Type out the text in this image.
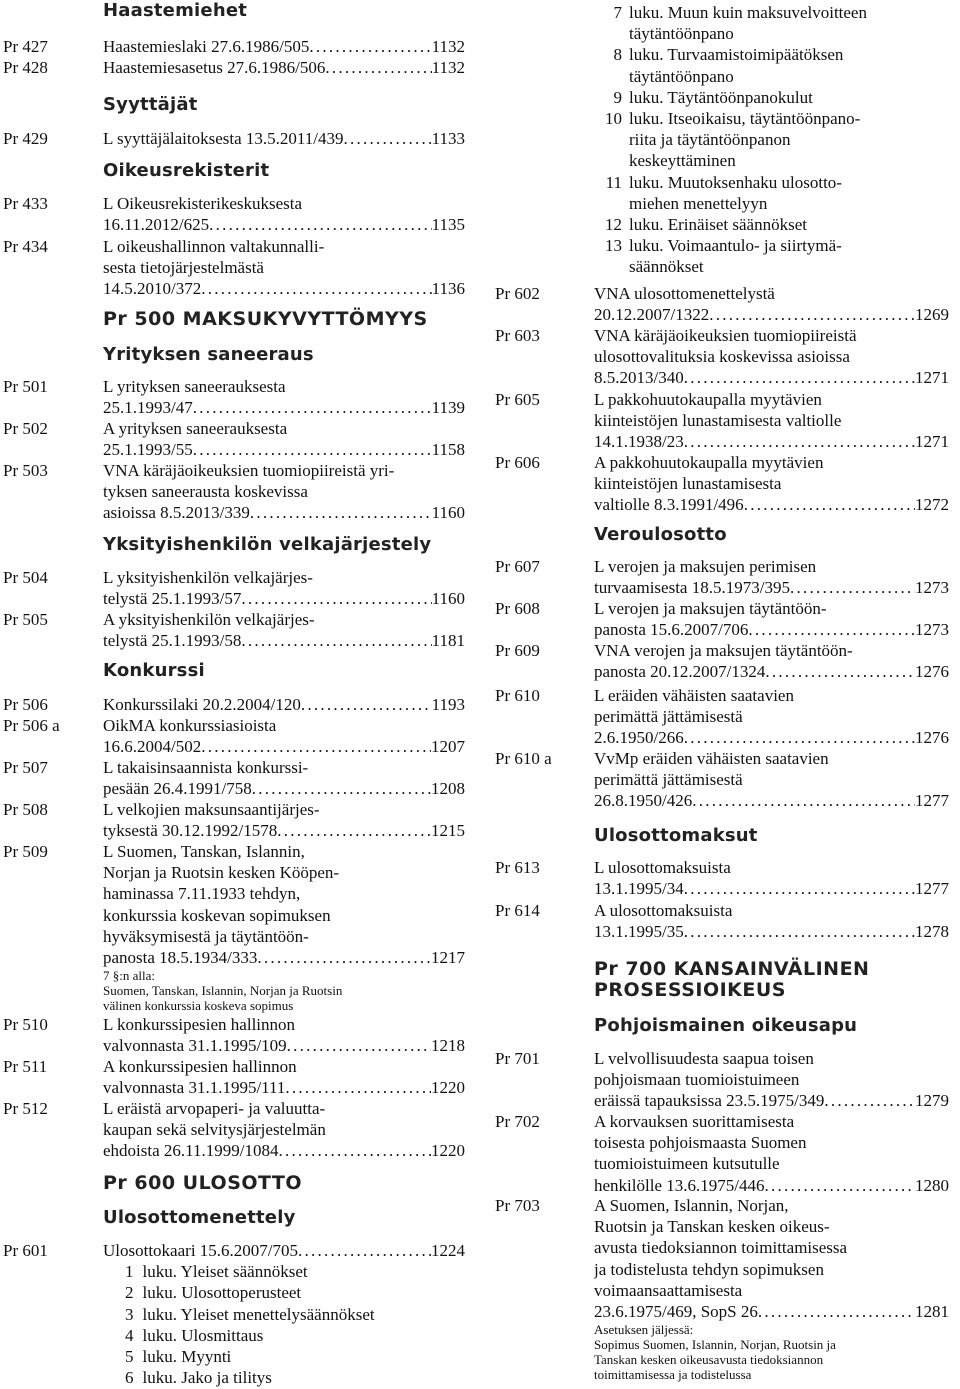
Haastemiehet
Pr 427	Haastemieslaki 27.6.1986/505 . . .	1132
Pr 428	Haastemiesasetus 27.6.1986/506 . . .	1132
Syyttäjät
Pr 429	L syyttäjälaitoksesta 13.5.2011/439 . . .	1133
Oikeusrekisterit
Pr 433	L Oikeusrekisterikeskuksesta
16.11.2012/625 . . .	1135
Pr 434	L oikeushallinnon valtakunnalli-
sesta tietojärjestelmästä
14.5.2010/372 . . .	1136
Pr 500 MAKSUKYVYTTÖMYYS
Yrityksen saneeraus
Pr 501	L yrityksen saneerauksesta
25.1.1993/47 . . .	1139
Pr 502	A yrityksen saneerauksesta
25.1.1993/55 . . .	1158
Pr 503	VNA käräjäoikeuksien tuomiopiireistä yri-
tyksen saneerausta koskevissa
asioissa 8.5.2013/339 . . .	1160
Yksityishenkilön velkajärjestely
Pr 504	L yksityishenkilön velkajärjes-
telystä 25.1.1993/57 . . .	1160
Pr 505	A yksityishenkilön velkajärjes-
telystä 25.1.1993/58 . . .	1181
Konkurssi
Pr 506	Konkurssilaki 20.2.2004/120 . . .	1193
Pr 506 a	OikMA konkurssiasioista
16.6.2004/502 . . .	1207
Pr 507	L takaisinsaannista konkurssi-
pesään 26.4.1991/758 . . .	1208
Pr 508	L velkojien maksunsaantijärjes-
tyksestä 30.12.1992/1578 . . .	1215
Pr 509	L Suomen, Tanskan, Islannin,
Norjan ja Ruotsin kesken Kööpen-
haminassa 7.11.1933 tehdyn,
konkurssia koskevan sopimuksen
hyväksymisestä ja täytäntöön-
panosta 18.5.1934/333 . . .	1217
7 §:n alla:
Suomen, Tanskan, Islannin, Norjan ja Ruotsin
välinen konkurssia koskeva sopimus
Pr 510	L konkurssipesien hallinnon
valvonnasta 31.1.1995/109 . . .	1218
Pr 511	A konkurssipesien hallinnon
valvonnasta 31.1.1995/111 . . .	1220
Pr 512	L eräistä arvopaperi- ja valuutta-
kaupan sekä selvitysjärjestelmän
ehdoista 26.11.1999/1084 . . .	1220
Pr 600 ULOSOTTO
Ulosottomenettely
Pr 601	Ulosottokaari 15.6.2007/705 . . .	1224
1 luku. Yleiset säännökset
2 luku. Ulosottoperusteet
3 luku. Yleiset menettelysäännökset
4 luku. Ulosmittaus
5 luku. Myynti
6 luku. Jako ja tilitys
7 luku. Muun kuin maksuvelvoitteen
täytäntöönpano
8 luku. Turvaamistoimipäätöksen
täytäntöönpano
9 luku. Täytäntöönpanokulut
10 luku. Itseoikaisu, täytäntöönpano-
riita ja täytäntöönpanon
keskeyttäminen
11 luku. Muutoksenhaku ulosotto-
miehen menettelyyn
12 luku. Erinäiset säännökset
13 luku. Voimaantulo- ja siirtymä-
säännökset
Pr 602	VNA ulosottomenettelystä
20.12.2007/1322 . . .	1269
Pr 603	VNA käräjäoikeuksien tuomiopiireistä
ulosottovalituksia koskevissa asioissa
8.5.2013/340 . . .	1271
Pr 605	L pakkohuutokaupalla myytävien
kiinteistöjen lunastamisesta valtiolle
14.1.1938/23 . . .	1271
Pr 606	A pakkohuutokaupalla myytävien
kiinteistöjen lunastamisesta
valtiolle 8.3.1991/496 . . .	1272
Veroulosotto
Pr 607	L verojen ja maksujen perimisen
turvaamisesta 18.5.1973/395 . . .	1273
Pr 608	L verojen ja maksujen täytäntöön-
panosta 15.6.2007/706 . . .	1273
Pr 609	VNA verojen ja maksujen täytäntöön-
panosta 20.12.2007/1324 . . .	1276
Pr 610	L eräiden vähäisten saatavien
perimättä jättämisestä
2.6.1950/266 . . .	1276
Pr 610 a VvMp eräiden vähäisten saatavien
perimättä jättämisestä
26.8.1950/426 . . .	1277
Ulosottomaksut
Pr 613	L ulosottomaksuista
13.1.1995/34 . . .	1277
Pr 614	A ulosottomaksuista
13.1.1995/35 . . .	1278
Pr 700 KANSAINVÄLINEN
PROSESSIOIKEUS
Pohjoismainen oikeusapu
Pr 701	L velvollisuudesta saapua toisen
pohjoismaan tuomioistuimeen
eräissä tapauksissa 23.5.1975/349 . . .	1279
Pr 702	A korvauksen suorittamisesta
toisesta pohjoismaasta Suomen
tuomioistuimeen kutsutulle
henkilölle 13.6.1975/446 . . .	1280
Pr 703	A Suomen, Islannin, Norjan,
Ruotsin ja Tanskan kesken oikeus-
avusta tiedoksiannon toimittamisessa
ja todistelusta tehdyn sopimuksen
voimaansaattamisesta
23.6.1975/469, SopS 26 . . .	1281
Asetuksen jäljessä:
Sopimus Suomen, Islannin, Norjan, Ruotsin ja
Tanskan kesken oikeusavusta tiedoksiannon
toimittamisessa ja todistelussa
